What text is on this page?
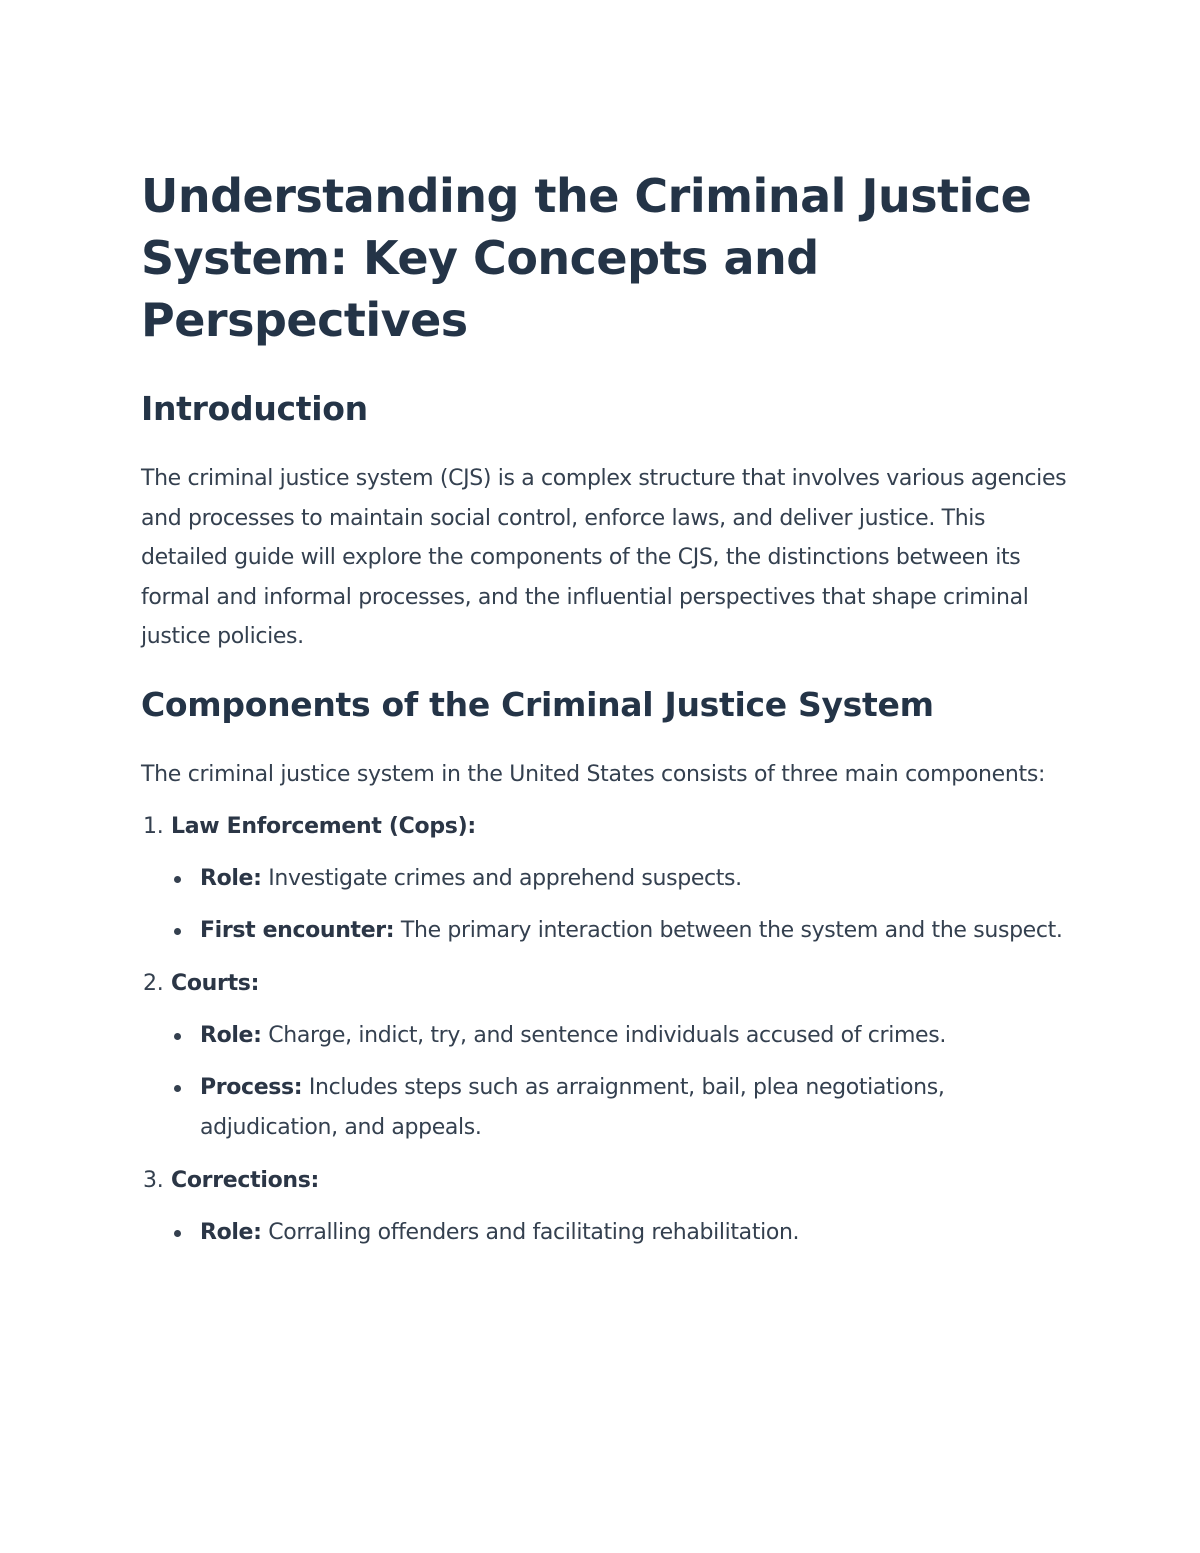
Understanding the Criminal Justice System: Key Concepts and Perspectives
Introduction

The criminal justice system (CJS) is a complex structure that involves various agencies and processes to maintain social control, enforce laws, and deliver justice. This detailed guide will explore the components of the CJS, the distinctions between its formal and informal processes, and the influential perspectives that shape criminal justice policies.

Components of the Criminal Justice System

The criminal justice system in the United States consists of three main components:

1. Law Enforcement (Cops):
Role: Investigate crimes and apprehend suspects.
First encounter: The primary interaction between the system and the suspect.
2. Courts:
Role: Charge, indict, try, and sentence individuals accused of crimes.
Process: Includes steps such as arraignment, bail, plea negotiations, adjudication, and appeals.
3. Corrections:
Role: Corralling offenders and facilitating rehabilitation.
